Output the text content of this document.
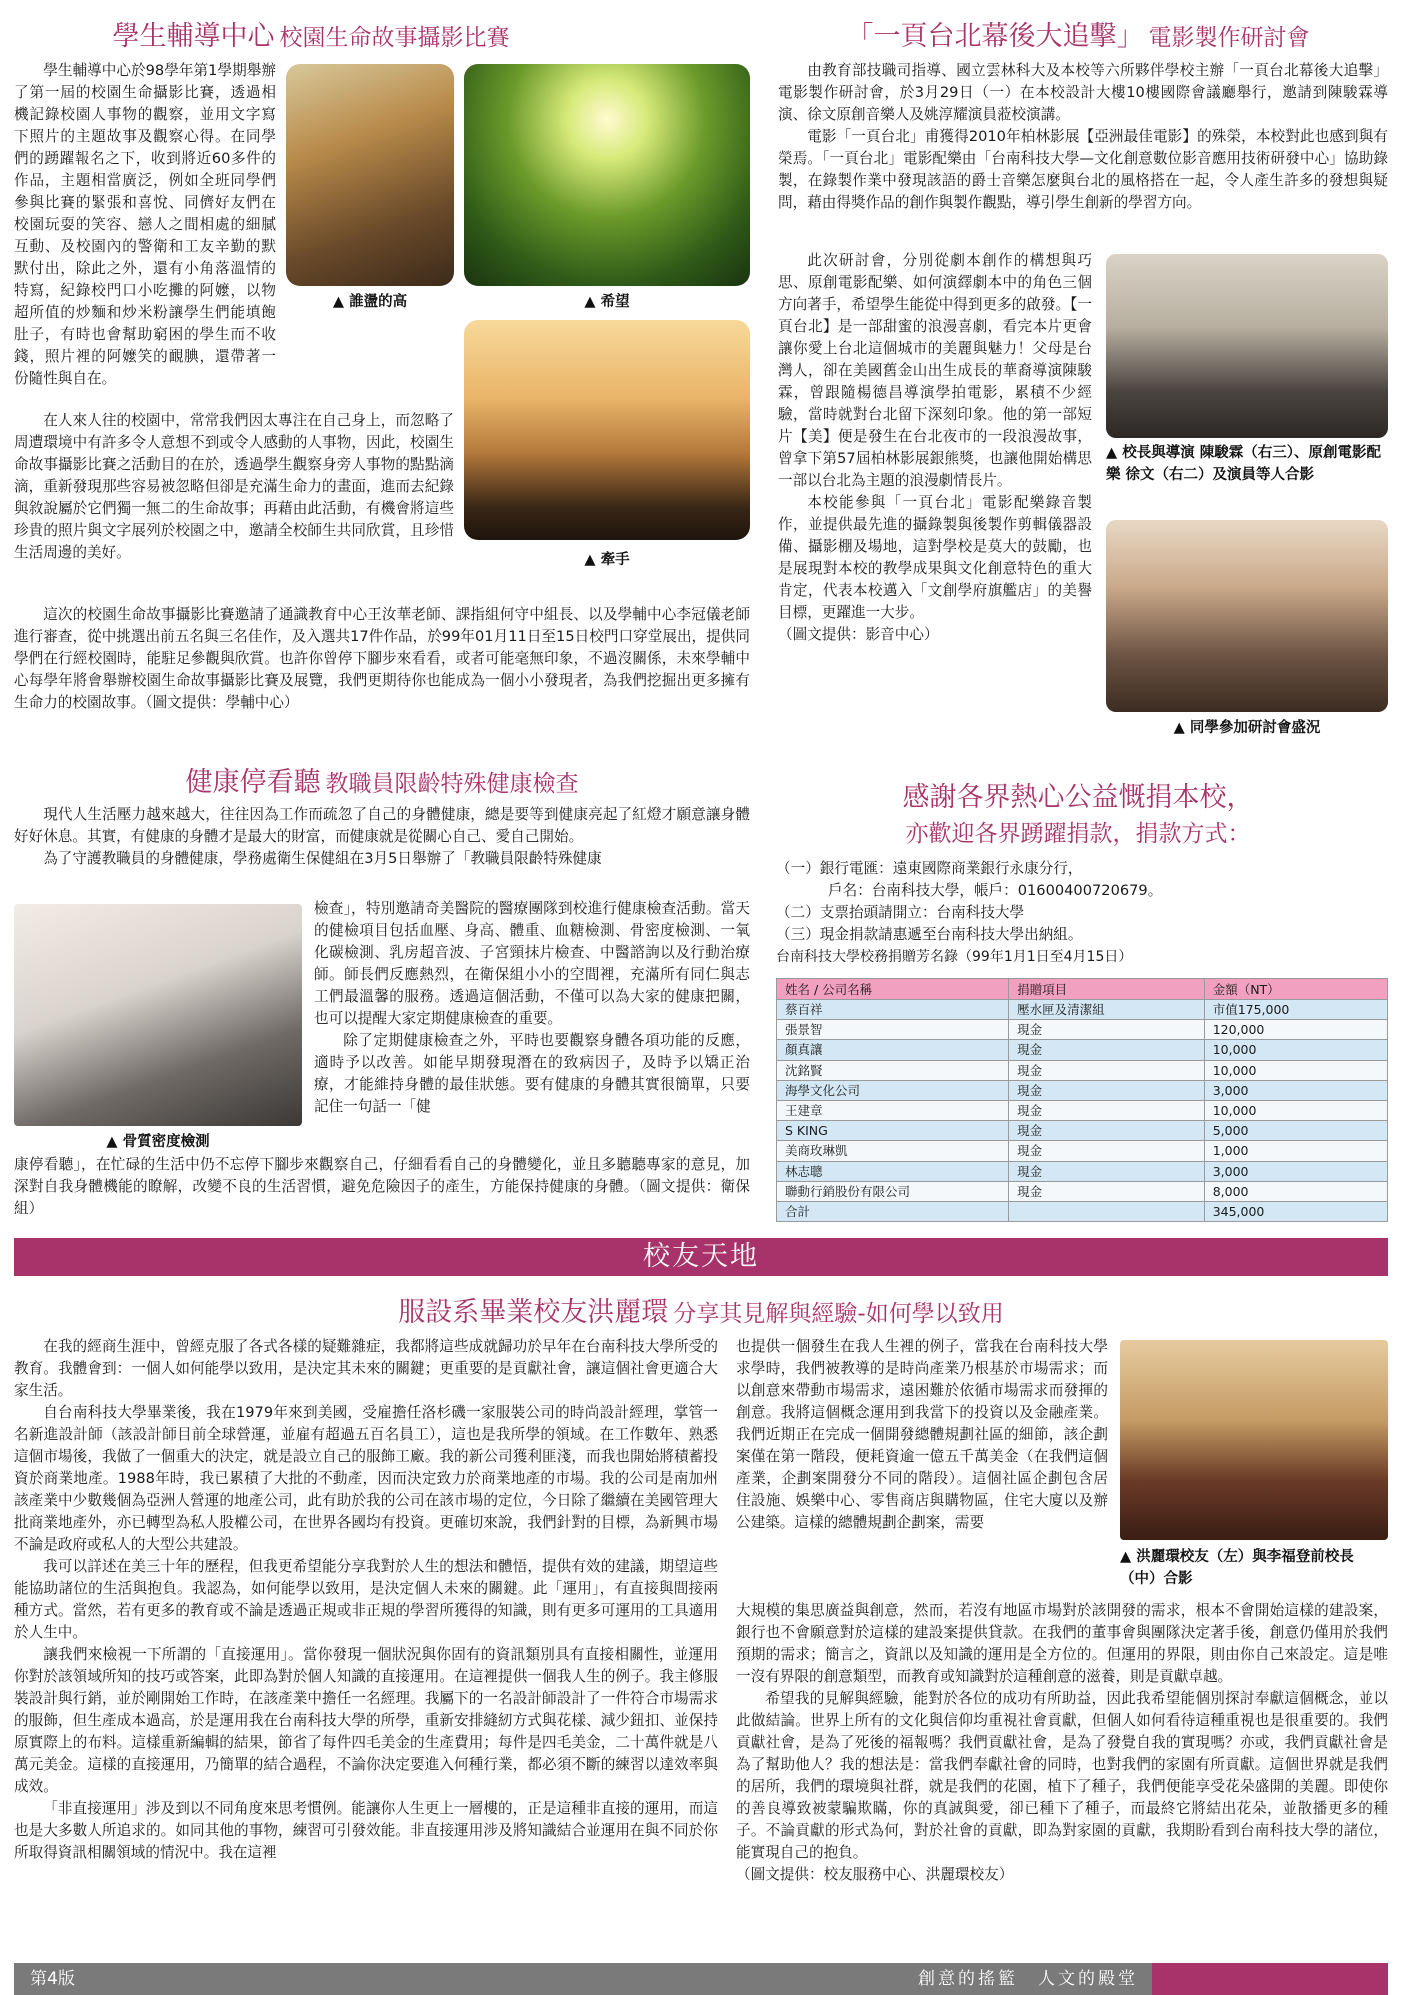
學生輔導中心 校園生命故事攝影比賽

學生輔導中心於98學年第1學期舉辦了第一屆的校園生命攝影比賽，透過相機記錄校園人事物的觀察，並用文字寫下照片的主題故事及觀察心得。在同學們的踴躍報名之下，收到將近60多件的作品，主題相當廣泛，例如全班同學們參與比賽的緊張和喜悅、同儕好友們在校園玩耍的笑容、戀人之間相處的細膩互動、及校園內的警衛和工友辛勤的默默付出，除此之外，還有小角落溫情的特寫，紀錄校門口小吃攤的阿嬤，以物超所值的炒麵和炒米粉讓學生們能填飽肚子，有時也會幫助窮困的學生而不收錢，照片裡的阿嬤笑的靦腆，還帶著一份隨性與自在。

▲ 誰盪的高	▲ 希望
▲ 牽手

在人來人往的校園中，常常我們因太專注在自己身上，而忽略了周遭環境中有許多令人意想不到或令人感動的人事物，因此，校園生命故事攝影比賽之活動目的在於，透過學生觀察身旁人事物的點點滴滴，重新發現那些容易被忽略但卻是充滿生命力的畫面，進而去紀錄與敘說屬於它們獨一無二的生命故事；再藉由此活動，有機會將這些珍貴的照片與文字展列於校園之中，邀請全校師生共同欣賞，且珍惜生活周邊的美好。

這次的校園生命故事攝影比賽邀請了通識教育中心王汝華老師、課指組何守中組長、以及學輔中心李冠儀老師進行審查，從中挑選出前五名與三名佳作，及入選共17件作品，於99年01月11日至15日校門口穿堂展出，提供同學們在行經校園時，能駐足參觀與欣賞。也許你曾停下腳步來看看，或者可能毫無印象，不過沒關係，未來學輔中心每學年將會舉辦校園生命故事攝影比賽及展覽，我們更期待你也能成為一個小小發現者，為我們挖掘出更多擁有生命力的校園故事。（圖文提供：學輔中心）

「一頁台北幕後大追擊」 電影製作研討會

由教育部技職司指導、國立雲林科大及本校等六所夥伴學校主辦「一頁台北幕後大追擊」電影製作研討會，於3月29日（一）在本校設計大樓10樓國際會議廳舉行，邀請到陳駿霖導演、徐文原創音樂人及姚淳耀演員蒞校演講。

電影「一頁台北」甫獲得2010年柏林影展【亞洲最佳電影】的殊榮，本校對此也感到與有榮焉。「一頁台北」電影配樂由「台南科技大學—文化創意數位影音應用技術研發中心」協助錄製，在錄製作業中發現該語的爵士音樂怎麼與台北的風格搭在一起，令人產生許多的發想與疑問，藉由得獎作品的創作與製作觀點，導引學生創新的學習方向。

此次研討會，分別從劇本創作的構想與巧思、原創電影配樂、如何演繹劇本中的角色三個方向著手，希望學生能從中得到更多的啟發。【一頁台北】是一部甜蜜的浪漫喜劇，看完本片更會讓你愛上台北這個城市的美麗與魅力！父母是台灣人，卻在美國舊金山出生成長的華裔導演陳駿霖，曾跟隨楊德昌導演學拍電影，累積不少經驗，當時就對台北留下深刻印象。他的第一部短片【美】便是發生在台北夜市的一段浪漫故事，曾拿下第57屆柏林影展銀熊獎，也讓他開始構思一部以台北為主題的浪漫劇情長片。

本校能參與「一頁台北」電影配樂錄音製作，並提供最先進的攝錄製與後製作剪輯儀器設備、攝影棚及場地，這對學校是莫大的鼓勵，也是展現對本校的教學成果與文化創意特色的重大肯定，代表本校邁入「文創學府旗艦店」的美譽目標，更躍進一大步。

（圖文提供：影音中心）
▲ 校長與導演 陳駿霖（右三）、原創電影配樂 徐文（右二）及演員等人合影
▲ 同學參加研討會盛況
健康停看聽 教職員限齡特殊健康檢查

現代人生活壓力越來越大，往往因為工作而疏忽了自己的身體健康，總是要等到健康亮起了紅燈才願意讓身體好好休息。其實，有健康的身體才是最大的財富，而健康就是從關心自己、愛自己開始。

為了守護教職員的身體健康，學務處衛生保健組在3月5日舉辦了「教職員限齡特殊健康

▲ 骨質密度檢測
檢查」，特別邀請奇美醫院的醫療團隊到校進行健康檢查活動。當天的健檢項目包括血壓、身高、體重、血糖檢測、骨密度檢測、一氧化碳檢測、乳房超音波、子宮頸抹片檢查、中醫諮詢以及行動治療師。師長們反應熱烈，在衛保組小小的空間裡，充滿所有同仁與志工們最溫馨的服務。透過這個活動，不僅可以為大家的健康把關，也可以提醒大家定期健康檢查的重要。

除了定期健康檢查之外，平時也要觀察身體各項功能的反應，適時予以改善。如能早期發現潛在的致病因子，及時予以矯正治療，才能維持身體的最佳狀態。要有健康的身體其實很簡單，只要記住一句話一「健

康停看聽」，在忙碌的生活中仍不忘停下腳步來觀察自己，仔細看看自己的身體變化，並且多聽聽專家的意見，加深對自我身體機能的瞭解，改變不良的生活習慣，避免危險因子的產生，方能保持健康的身體。（圖文提供：衛保組）
感謝各界熱心公益慨捐本校，
亦歡迎各界踴躍捐款，捐款方式：
（一）銀行電匯：遠東國際商業銀行永康分行，
戶名：台南科技大學，帳戶：01600400720679。
（二）支票抬頭請開立：台南科技大學
（三）現金捐款請惠遞至台南科技大學出納組。
台南科技大學校務捐贈芳名錄（99年1月1日至4月15日）
姓名 / 公司名稱	捐贈項目	金額（NT）
蔡百祥	壓水匣及清潔組	市值175,000
張景智	現金	120,000
顏真讓	現金	10,000
沈銘賢	現金	10,000
海學文化公司	現金	3,000
王建章	現金	10,000
S KING	現金	5,000
美商玫琳凱	現金	1,000
林志聰	現金	3,000
聯動行銷股份有限公司	現金	8,000
合計		345,000
校友天地
服設系畢業校友洪麗環 分享其見解與經驗-如何學以致用

在我的經商生涯中，曾經克服了各式各樣的疑難雜症，我都將這些成就歸功於早年在台南科技大學所受的教育。我體會到：一個人如何能學以致用，是決定其未來的關鍵；更重要的是貢獻社會，讓這個社會更適合大家生活。

自台南科技大學畢業後，我在1979年來到美國，受雇擔任洛杉磯一家服裝公司的時尚設計經理，掌管一名新進設計師（該設計師目前全球營運，並雇有超過五百名員工），這也是我所學的領域。在工作數年、熟悉這個市場後，我做了一個重大的決定，就是設立自己的服飾工廠。我的新公司獲利匪淺，而我也開始將積蓄投資於商業地產。1988年時，我已累積了大批的不動產，因而決定致力於商業地產的市場。我的公司是南加州該產業中少數幾個為亞洲人營運的地產公司，此有助於我的公司在該市場的定位，今日除了繼續在美國管理大批商業地產外，亦已轉型為私人股權公司，在世界各國均有投資。更確切來說，我們針對的目標，為新興市場不論是政府或私人的大型公共建設。

我可以詳述在美三十年的歷程，但我更希望能分享我對於人生的想法和體悟，提供有效的建議，期望這些能協助諸位的生活與抱負。我認為，如何能學以致用，是決定個人未來的關鍵。此「運用」，有直接與間接兩種方式。當然，若有更多的教育或不論是透過正規或非正規的學習所獲得的知識，則有更多可運用的工具適用於人生中。

讓我們來檢視一下所謂的「直接運用」。當你發現一個狀況與你固有的資訊類別具有直接相關性，並運用你對於該領域所知的技巧或答案，此即為對於個人知識的直接運用。在這裡提供一個我人生的例子。我主修服裝設計與行銷，並於剛開始工作時，在該產業中擔任一名經理。我屬下的一名設計師設計了一件符合市場需求的服飾，但生產成本過高，於是運用我在台南科技大學的所學，重新安排縫紉方式與花樣、減少鈕扣、並保持原實際上的布料。這樣重新編輯的結果，節省了每件四毛美金的生產費用；每件是四毛美金，二十萬件就是八萬元美金。這樣的直接運用，乃簡單的結合過程，不論你決定要進入何種行業，都必須不斷的練習以達效率與成效。

「非直接運用」涉及到以不同角度來思考慣例。能讓你人生更上一層樓的，正是這種非直接的運用，而這也是大多數人所追求的。如同其他的事物，練習可引發效能。非直接運用涉及將知識結合並運用在與不同於你所取得資訊相關領域的情況中。我在這裡

也提供一個發生在我人生裡的例子，當我在台南科技大學求學時，我們被教導的是時尚產業乃根基於市場需求；而以創意來帶動市場需求，遠困難於依循市場需求而發揮的創意。我將這個概念運用到我當下的投資以及金融產業。我們近期正在完成一個開發總體規劃社區的細節，該企劃案僅在第一階段，便耗資逾一億五千萬美金（在我們這個產業，企劃案開發分不同的階段）。這個社區企劃包含居住設施、娛樂中心、零售商店與購物區，住宅大廈以及辦公建築。這樣的總體規劃企劃案，需要
▲ 洪麗環校友（左）與李福登前校長（中）合影
大規模的集思廣益與創意，然而，若沒有地區市場對於該開發的需求，根本不會開始這樣的建設案，銀行也不會願意對於這樣的建設案提供貸款。在我們的董事會與團隊決定著手後，創意仍僅用於我們預期的需求；簡言之，資訊以及知識的運用是全方位的。但運用的界限，則由你自己來設定。這是唯一沒有界限的創意類型，而教育或知識對於這種創意的滋養，則是貢獻卓越。

希望我的見解與經驗，能對於各位的成功有所助益，因此我希望能個別探討奉獻這個概念，並以此做結論。世界上所有的文化與信仰均重視社會貢獻，但個人如何看待這種重視也是很重要的。我們貢獻社會，是為了死後的福報嗎？我們貢獻社會，是為了發覺自我的實現嗎？亦或，我們貢獻社會是為了幫助他人？我的想法是：當我們奉獻社會的同時，也對我們的家園有所貢獻。這個世界就是我們的居所，我們的環境與社群，就是我們的花園，植下了種子，我們便能享受花朵盛開的美麗。即使你的善良導致被蒙騙欺瞞，你的真誠與愛，卻已種下了種子，而最終它將結出花朵，並散播更多的種子。不論貢獻的形式為何，對於社會的貢獻，即為對家園的貢獻，我期盼看到台南科技大學的諸位，能實現自己的抱負。

（圖文提供：校友服務中心、洪麗環校友）
第4版	創意的搖籃　人文的殿堂
